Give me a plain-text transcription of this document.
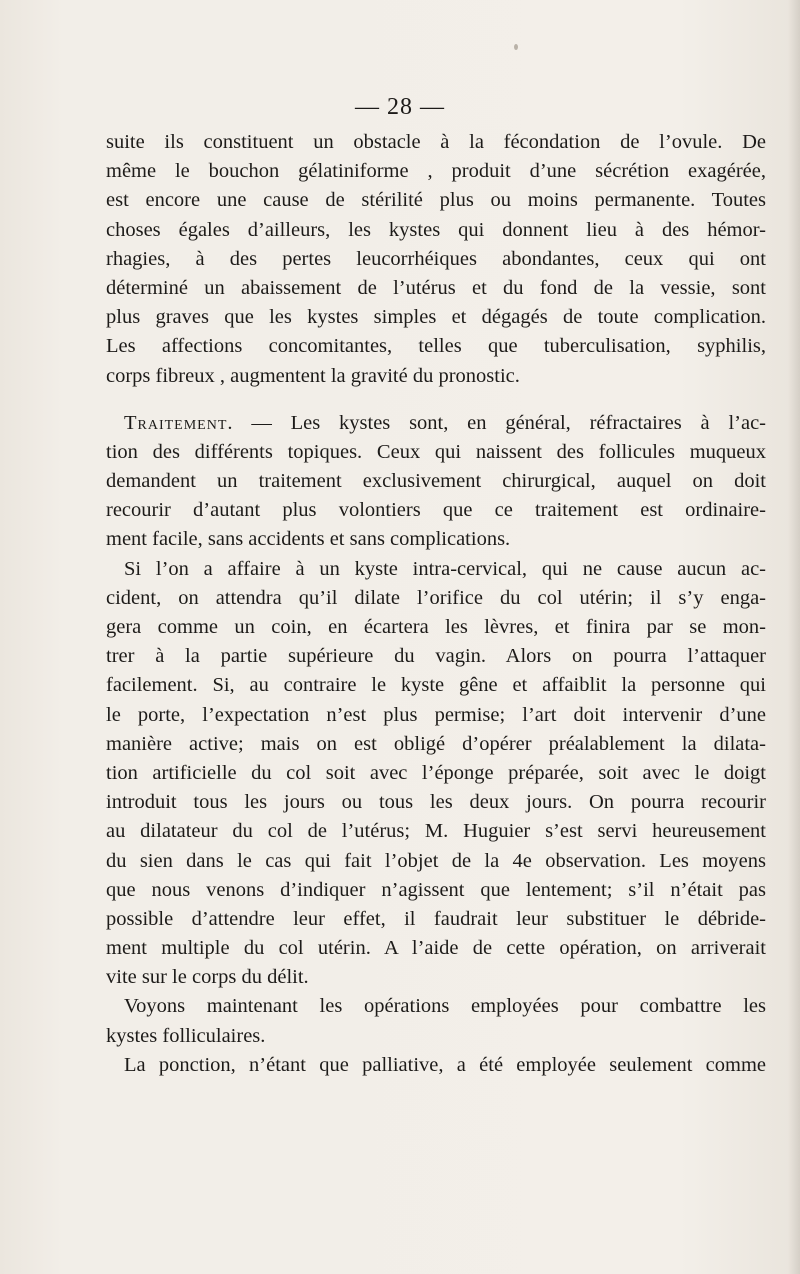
— 28 —
suite ils constituent un obstacle à la fécondation de l’ovule. De
même le bouchon gélatiniforme , produit d’une sécrétion exagérée,
est encore une cause de stérilité plus ou moins permanente. Toutes
choses égales d’ailleurs, les kystes qui donnent lieu à des hémor-
rhagies, à des pertes leucorrhéiques abondantes, ceux qui ont
déterminé un abaissement de l’utérus et du fond de la vessie, sont
plus graves que les kystes simples et dégagés de toute complication.
Les affections concomitantes, telles que tuberculisation, syphilis,
corps fibreux , augmentent la gravité du pronostic.
Traitement. — Les kystes sont, en général, réfractaires à l’ac-
tion des différents topiques. Ceux qui naissent des follicules muqueux
demandent un traitement exclusivement chirurgical, auquel on doit
recourir d’autant plus volontiers que ce traitement est ordinaire-
ment facile, sans accidents et sans complications.
Si l’on a affaire à un kyste intra-cervical, qui ne cause aucun ac-
cident, on attendra qu’il dilate l’orifice du col utérin; il s’y enga-
gera comme un coin, en écartera les lèvres, et finira par se mon-
trer à la partie supérieure du vagin. Alors on pourra l’attaquer
facilement. Si, au contraire le kyste gêne et affaiblit la personne qui
le porte, l’expectation n’est plus permise; l’art doit intervenir d’une
manière active; mais on est obligé d’opérer préalablement la dilata-
tion artificielle du col soit avec l’éponge préparée, soit avec le doigt
introduit tous les jours ou tous les deux jours. On pourra recourir
au dilatateur du col de l’utérus; M. Huguier s’est servi heureusement
du sien dans le cas qui fait l’objet de la 4e observation. Les moyens
que nous venons d’indiquer n’agissent que lentement; s’il n’était pas
possible d’attendre leur effet, il faudrait leur substituer le débride-
ment multiple du col utérin. A l’aide de cette opération, on arriverait
vite sur le corps du délit.
Voyons maintenant les opérations employées pour combattre les
kystes folliculaires.
La ponction, n’étant que palliative, a été employée seulement comme
